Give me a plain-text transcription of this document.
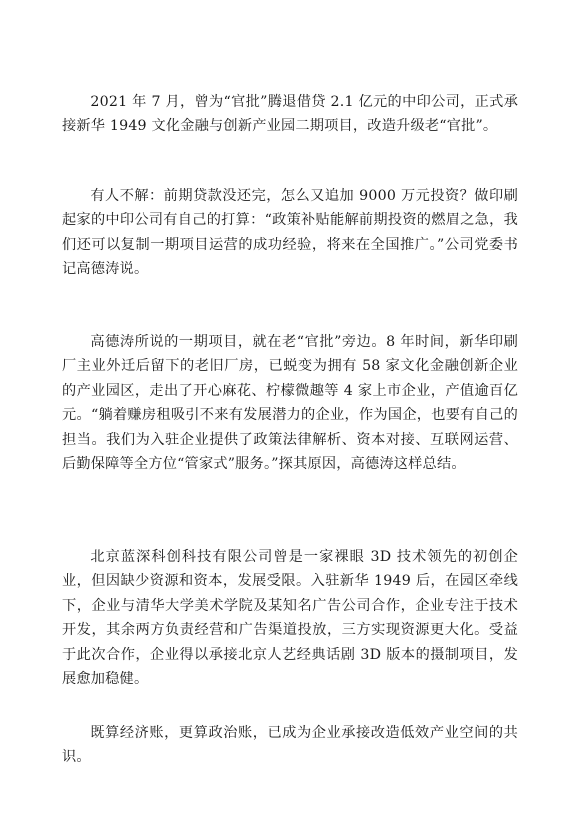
2021 年 7 月，曾为“官批”腾退借贷 2.1 亿元的中印公司，正式承接新华 1949 文化金融与创新产业园二期项目，改造升级老“官批”。

有人不解：前期贷款没还完，怎么又追加 9000 万元投资？做印刷起家的中印公司有自己的打算：“政策补贴能解前期投资的燃眉之急，我们还可以复制一期项目运营的成功经验，将来在全国推广。”公司党委书记高德涛说。

高德涛所说的一期项目，就在老“官批”旁边。8 年时间，新华印刷厂主业外迁后留下的老旧厂房，已蜕变为拥有 58 家文化金融创新企业的产业园区，走出了开心麻花、柠檬微趣等 4 家上市企业，产值逾百亿元。“躺着赚房租吸引不来有发展潜力的企业，作为国企，也要有自己的担当。我们为入驻企业提供了政策法律解析、资本对接、互联网运营、后勤保障等全方位“管家式”服务。”探其原因，高德涛这样总结。

北京蓝深科创科技有限公司曾是一家裸眼 3D 技术领先的初创企业，但因缺少资源和资本，发展受限。入驻新华 1949 后，在园区牵线下，企业与清华大学美术学院及某知名广告公司合作，企业专注于技术开发，其余两方负责经营和广告渠道投放，三方实现资源更大化。受益于此次合作，企业得以承接北京人艺经典话剧 3D 版本的摄制项目，发展愈加稳健。

既算经济账，更算政治账，已成为企业承接改造低效产业空间的共识。
